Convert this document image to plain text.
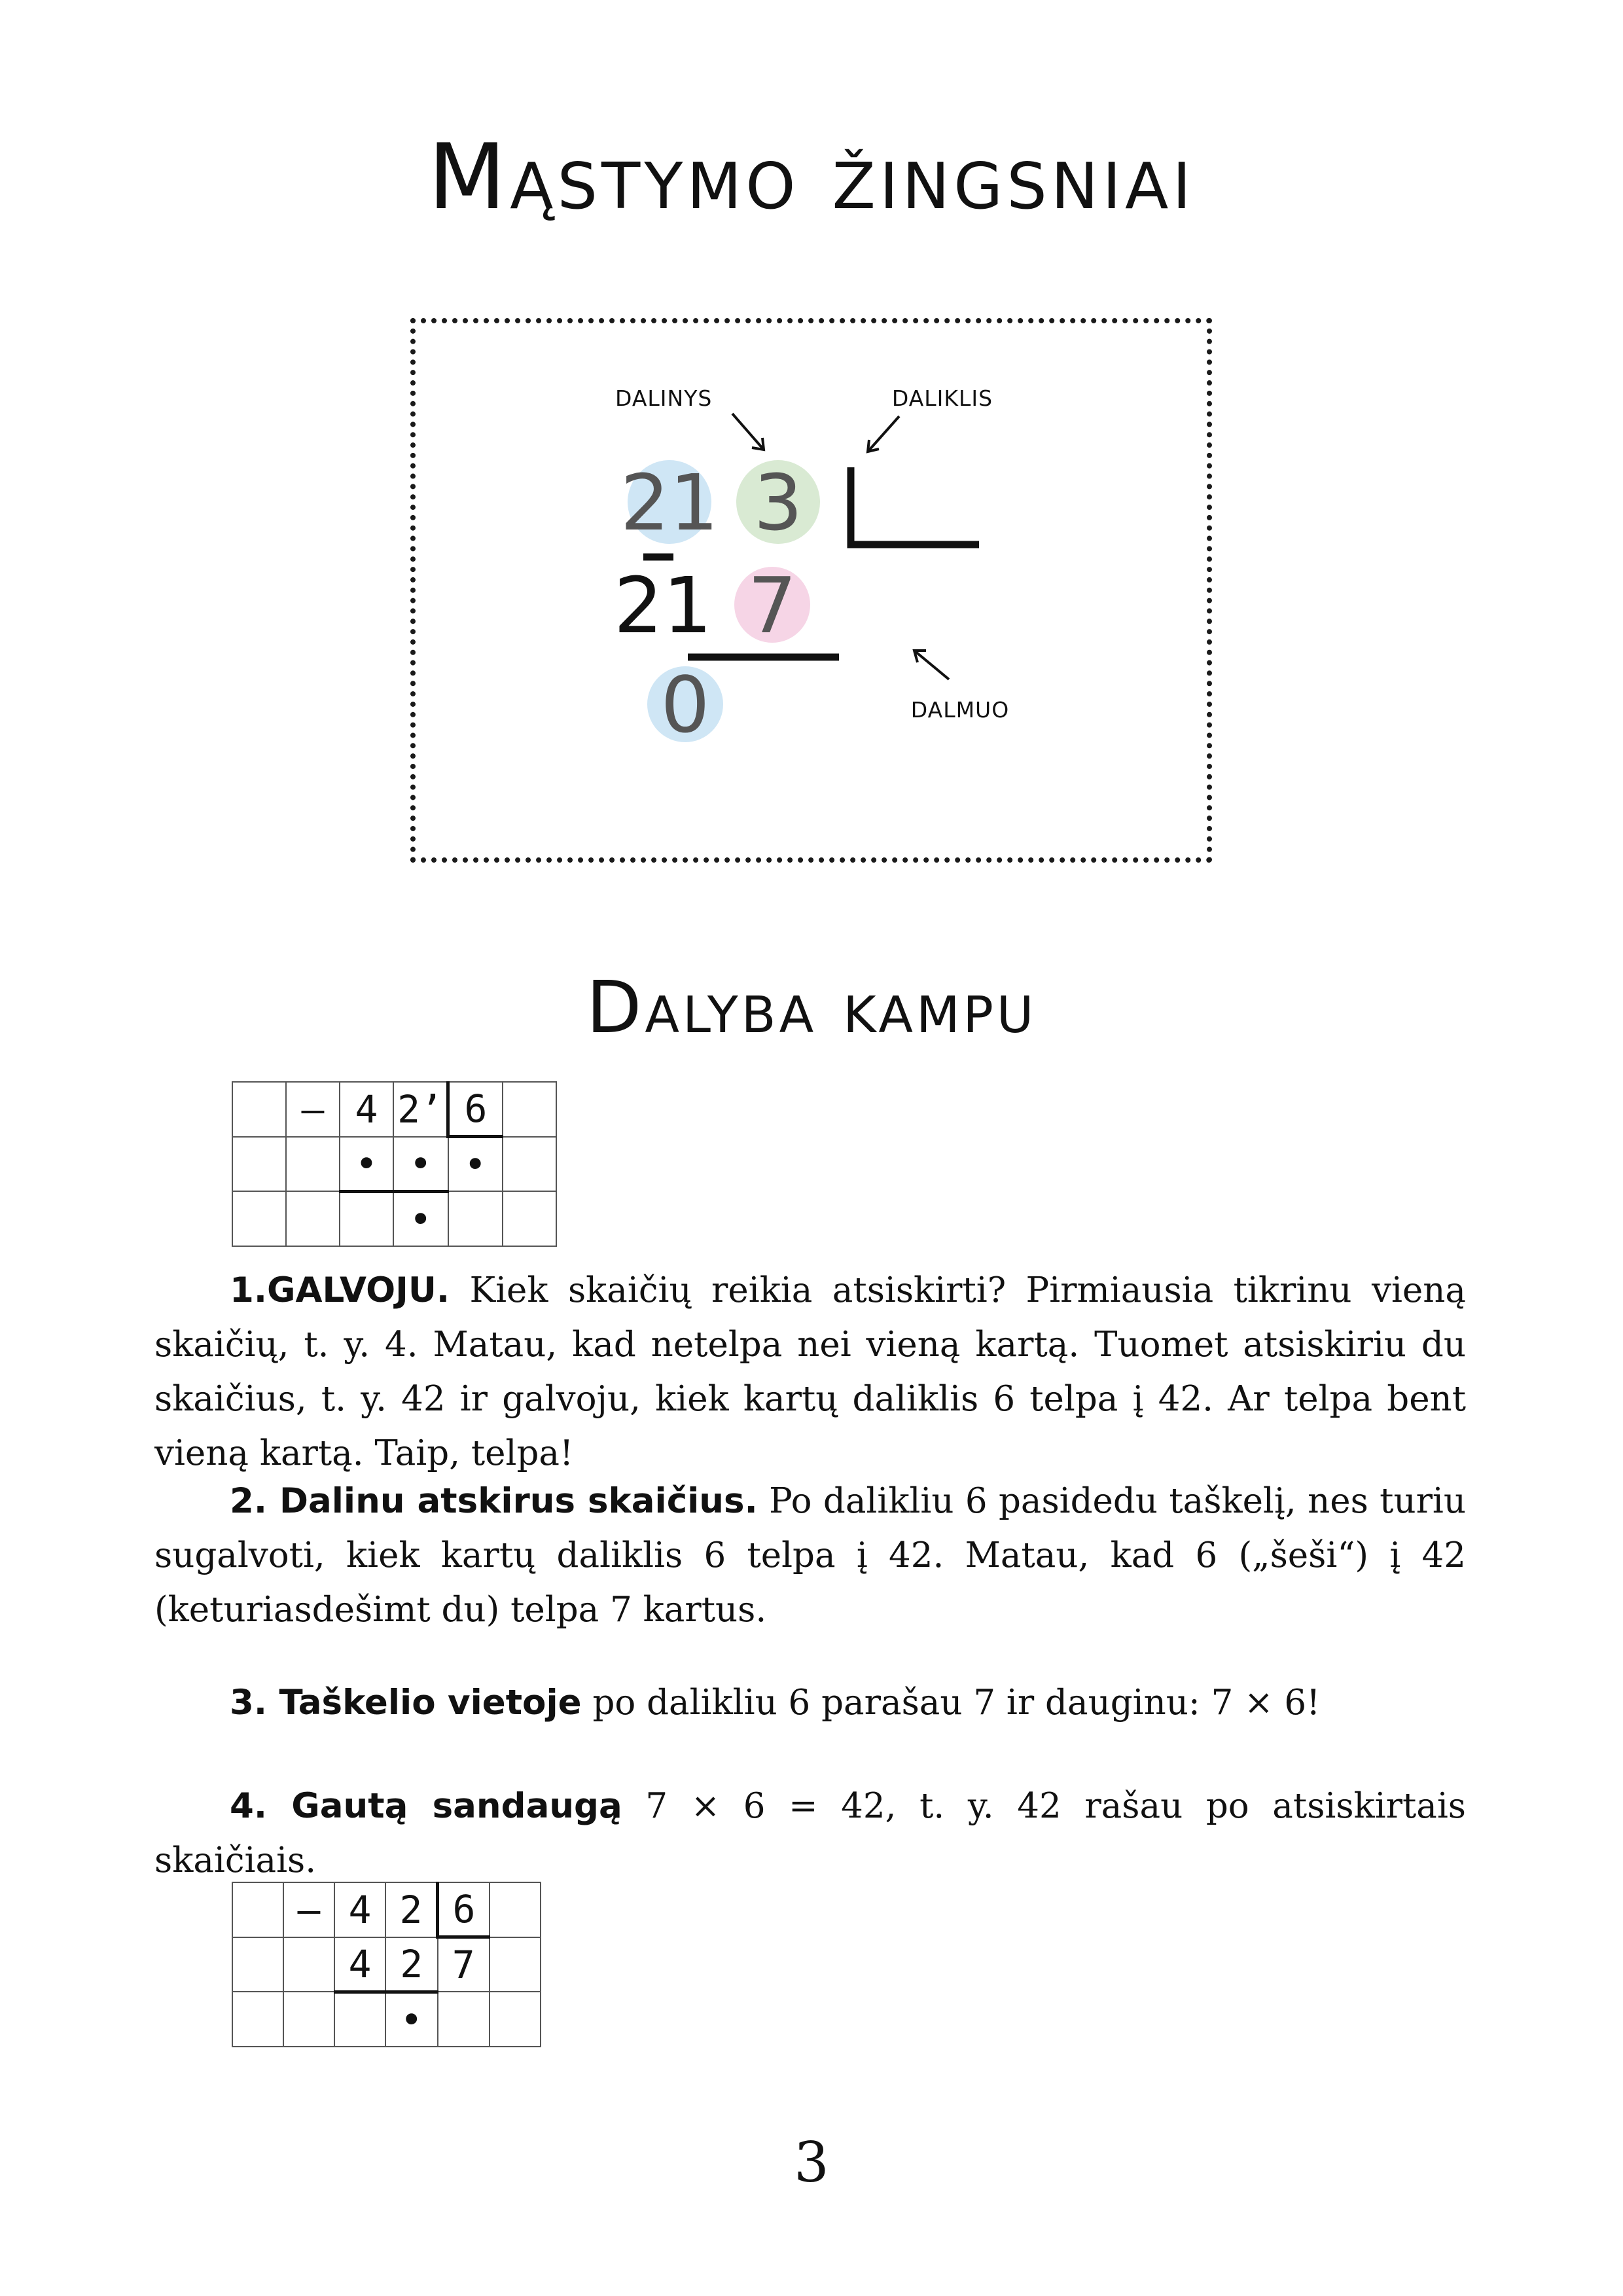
Mąstymo žingsniai
DALINYS	DALIKLIS
DALMUO
21 3
21 7
0
Dalyba kampu
	–	4	2’	6	
		•	•	•	
			•		

1.GALVOJU. Kiek skaičių reikia atsiskirti? Pirmiausia tikrinu vieną skaičių, t. y. 4. Matau, kad netelpa nei vieną kartą. Tuomet atsiskiriu du skaičius, t. y. 42 ir galvoju, kiek kartų daliklis 6 telpa į 42. Ar telpa bent vieną kartą. Taip, telpa!

2. Dalinu atskirus skaičius. Po dalikliu 6 pasidedu taškelį, nes turiu sugalvoti, kiek kartų daliklis 6 telpa į 42. Matau, kad 6 („šeši“) į 42 (keturiasdešimt du) telpa 7 kartus.

3. Taškelio vietoje po dalikliu 6 parašau 7 ir dauginu: 7 × 6!

4. Gautą sandaugą 7 × 6 = 42, t. y. 42 rašau po atsiskirtais skaičiais.

	–	4	2	6	
		4	2	7	
			•		
3
